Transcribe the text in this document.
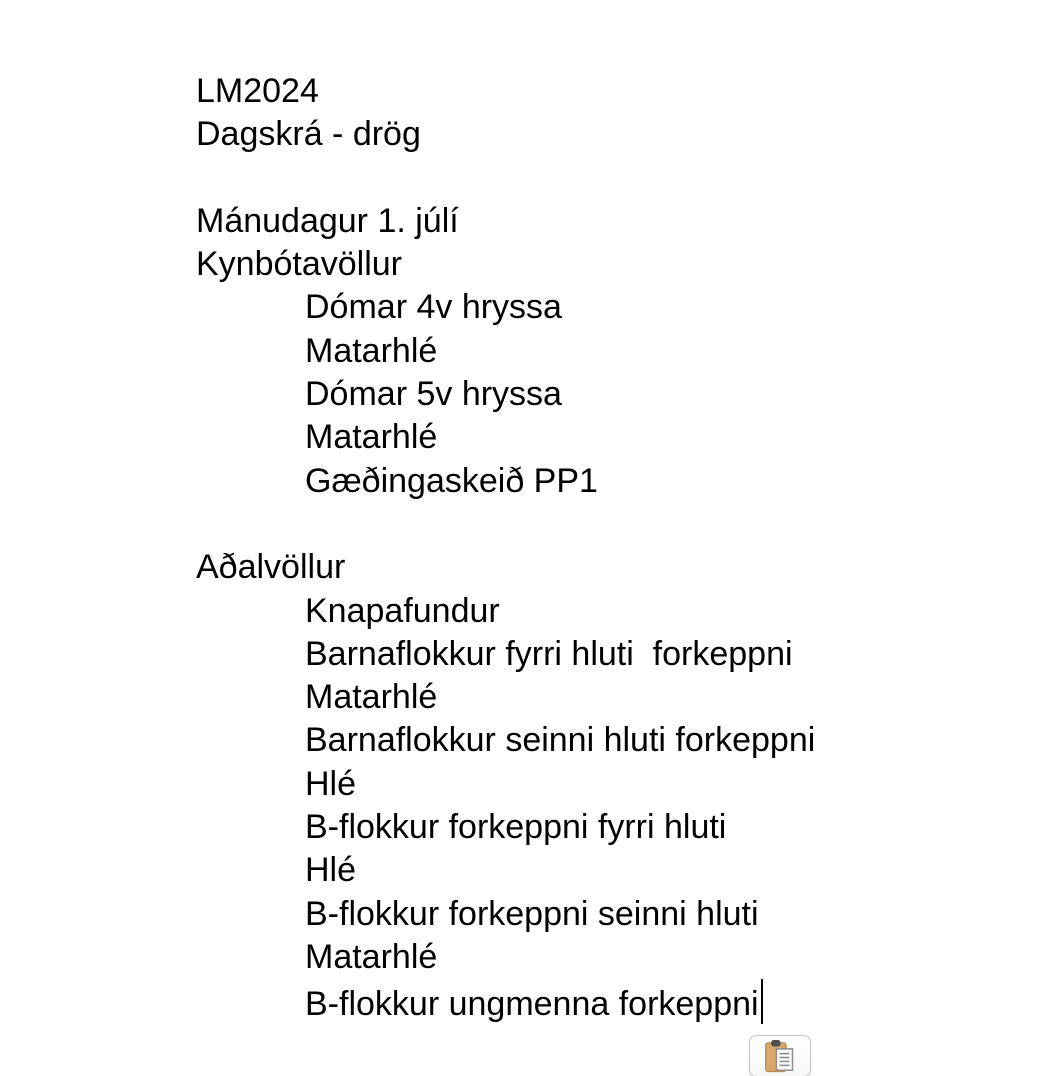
LM2024
Dagskrá - drög

Mánudagur 1. júlí
Kynbótavöllur
Dómar 4v hryssa
Matarhlé
Dómar 5v hryssa
Matarhlé
Gæðingaskeið PP1

Aðalvöllur
Knapafundur
Barnaflokkur fyrri hluti  forkeppni
Matarhlé
Barnaflokkur seinni hluti forkeppni
Hlé
B-flokkur forkeppni fyrri hluti
Hlé
B-flokkur forkeppni seinni hluti
Matarhlé
B-flokkur ungmenna forkeppni
